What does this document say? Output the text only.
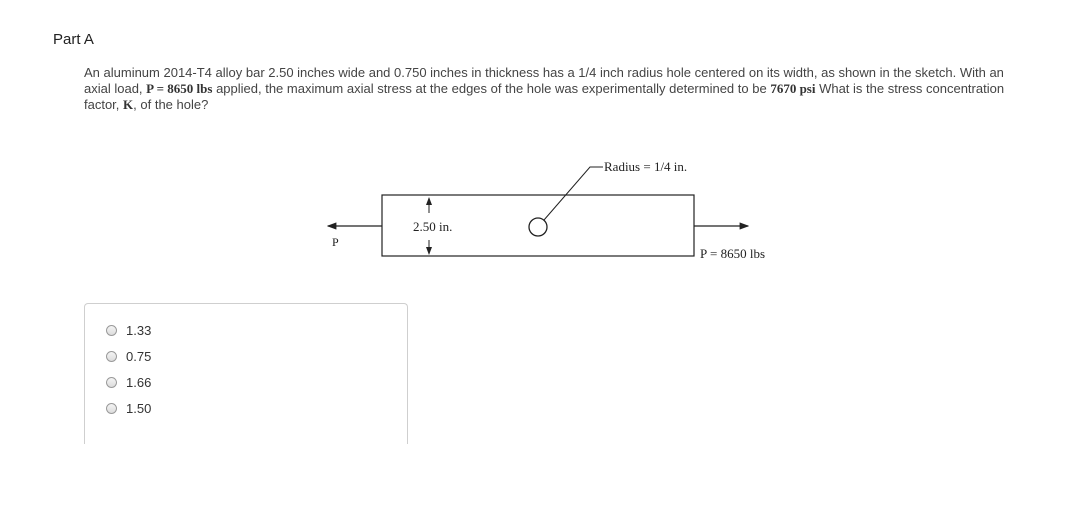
Part A
An aluminum 2014-T4 alloy bar 2.50 inches wide and 0.750 inches in thickness has a 1/4 inch radius hole centered on its width, as shown in the sketch. With an axial load, P = 8650 lbs applied, the maximum axial stress at the edges of the hole was experimentally determined to be 7670 psi What is the stress concentration factor, K, of the hole?
Radius = 1/4 in.
2.50 in.
P
P = 8650 lbs
1.33
0.75
1.66
1.50
